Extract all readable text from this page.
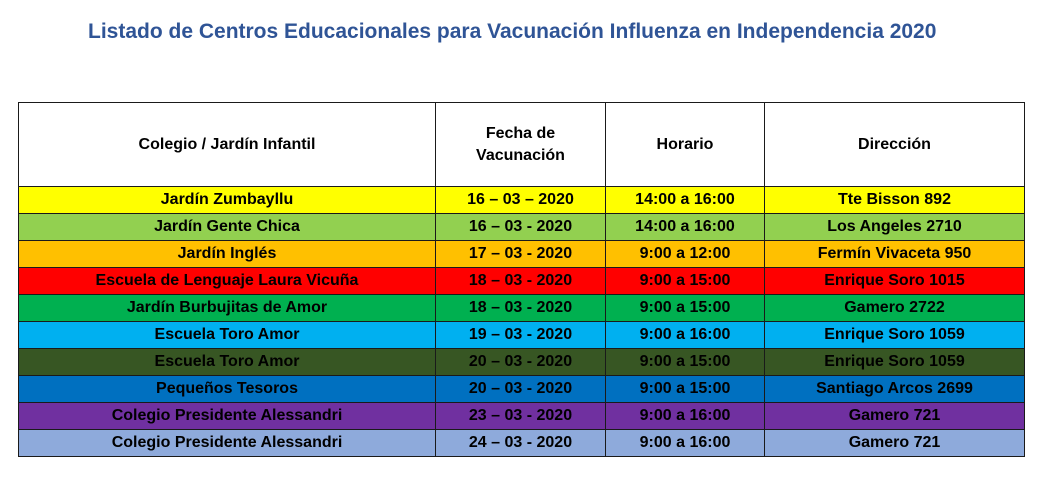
Listado de Centros Educacionales para Vacunación Influenza en Independencia 2020
Colegio / Jardín Infantil	Fecha de Vacunación	Horario	Dirección
Jardín Zumbayllu	16 – 03 – 2020	14:00 a 16:00	Tte Bisson 892
Jardín Gente Chica	16 – 03 - 2020	14:00 a 16:00	Los Angeles 2710
Jardín Inglés	17 – 03 - 2020	9:00 a 12:00	Fermín Vivaceta 950
Escuela de Lenguaje Laura Vicuña	18 – 03 - 2020	9:00 a 15:00	Enrique Soro 1015
Jardín Burbujitas de Amor	18 – 03 - 2020	9:00 a 15:00	Gamero 2722
Escuela Toro Amor	19 – 03 - 2020	9:00 a 16:00	Enrique Soro 1059
Escuela Toro Amor	20 – 03 - 2020	9:00 a 15:00	Enrique Soro 1059
Pequeños Tesoros	20 – 03 - 2020	9:00 a 15:00	Santiago Arcos 2699
Colegio Presidente Alessandri	23 – 03 - 2020	9:00 a 16:00	Gamero 721
Colegio Presidente Alessandri	24 – 03 - 2020	9:00 a 16:00	Gamero 721
